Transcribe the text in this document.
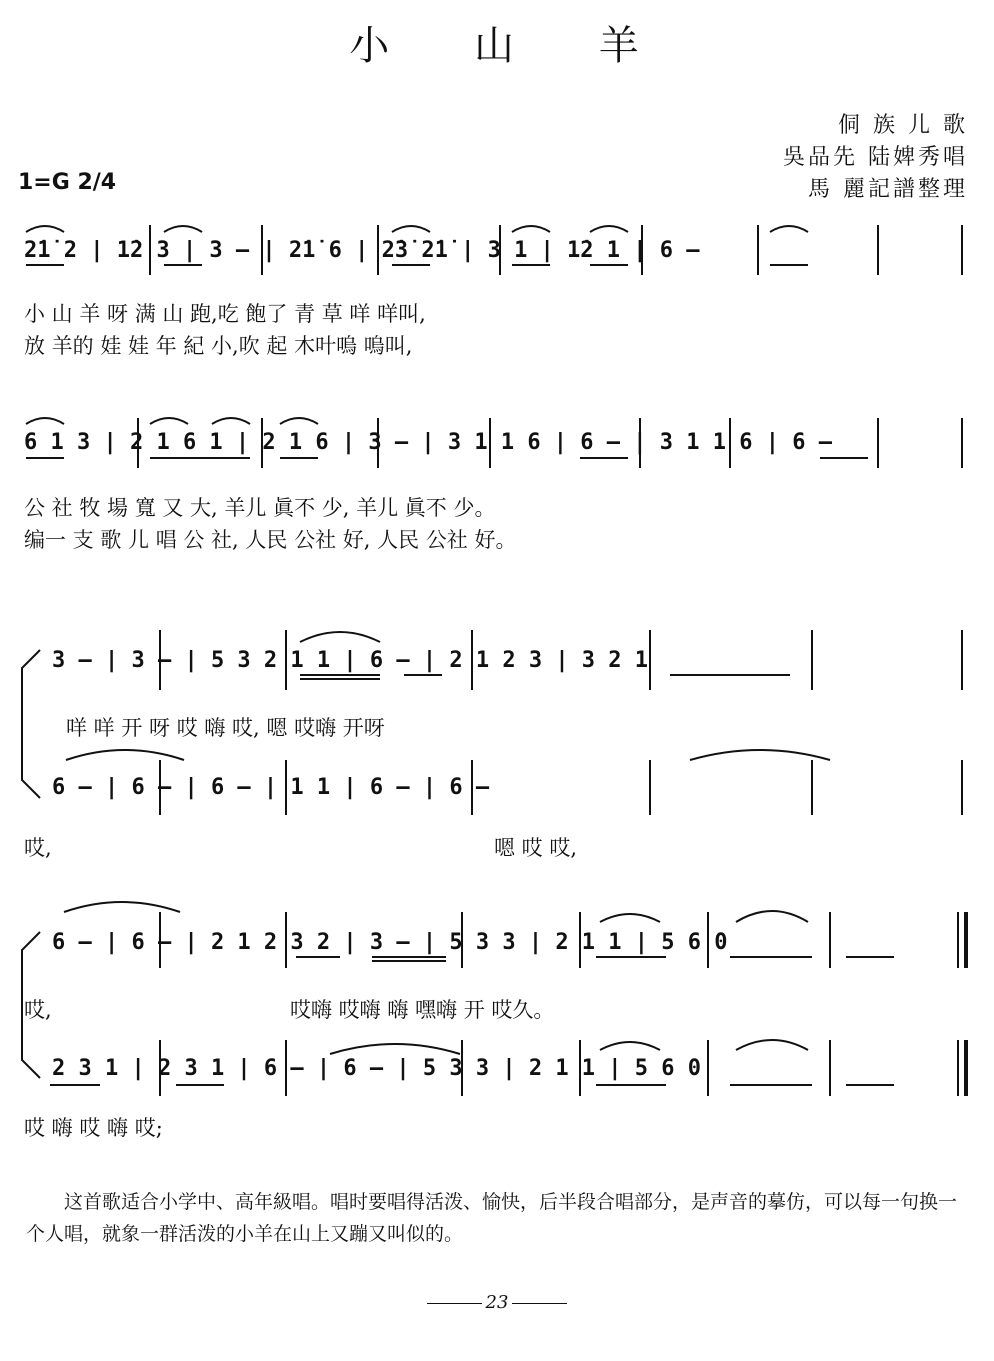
小 山 羊
侗 族 儿 歌
吳品先 陆婢秀唱
馬 麗記譜整理
1=G 2/4
2̇1̇ 2 | 1̇2 3 | 3 — | 2̇1̇ 6 | 2̇3̇ 2̇1̇ | 3 1 | 1̇2 1 | 6 —
小 山 羊 呀 满 山 跑,吃 飽了 青 草 咩 咩叫,
放 羊的 娃 娃 年 紀 小,吹 起 木叶嗚 嗚叫,
6 1 3 | 2 1 6 1 | 2 1 6 | 3 — | 3 1 1 6 | 6 — | 3 1 1 6 | 6 —
公 社 牧 場 寬 又 大, 羊儿 眞不 少, 羊儿 眞不 少。
编一 支 歌 儿 唱 公 社, 人民 公社 好, 人民 公社 好。
3 — | 3 — | 5 3 2 1 1 | 6 — | 2 1 2 3 | 3 2 1
咩 咩 开 呀 哎 嗨 哎, 嗯 哎嗨 开呀
6 — | 6 — | 6 — | 1 1 | 6 — | 6 —
哎,	嗯 哎 哎,
6 — | 6 — | 2 1 2 3 2 | 3 — | 5 3 3 | 2 1 1 | 5 6 0
哎,	哎嗨 哎嗨 嗨 嘿嗨 开 哎久。
2 3 1 | 2 3 1 | 6 — | 6 — | 5 3 3 | 2 1 1 | 5 6 0
哎 嗨 哎 嗨 哎;
这首歌适合小学中、高年級唱。唱时要唱得活泼、愉快，后半段合唱部分，是声音的摹仿，可以每一句换一个人唱，就象一群活泼的小羊在山上又蹦又叫似的。
23
